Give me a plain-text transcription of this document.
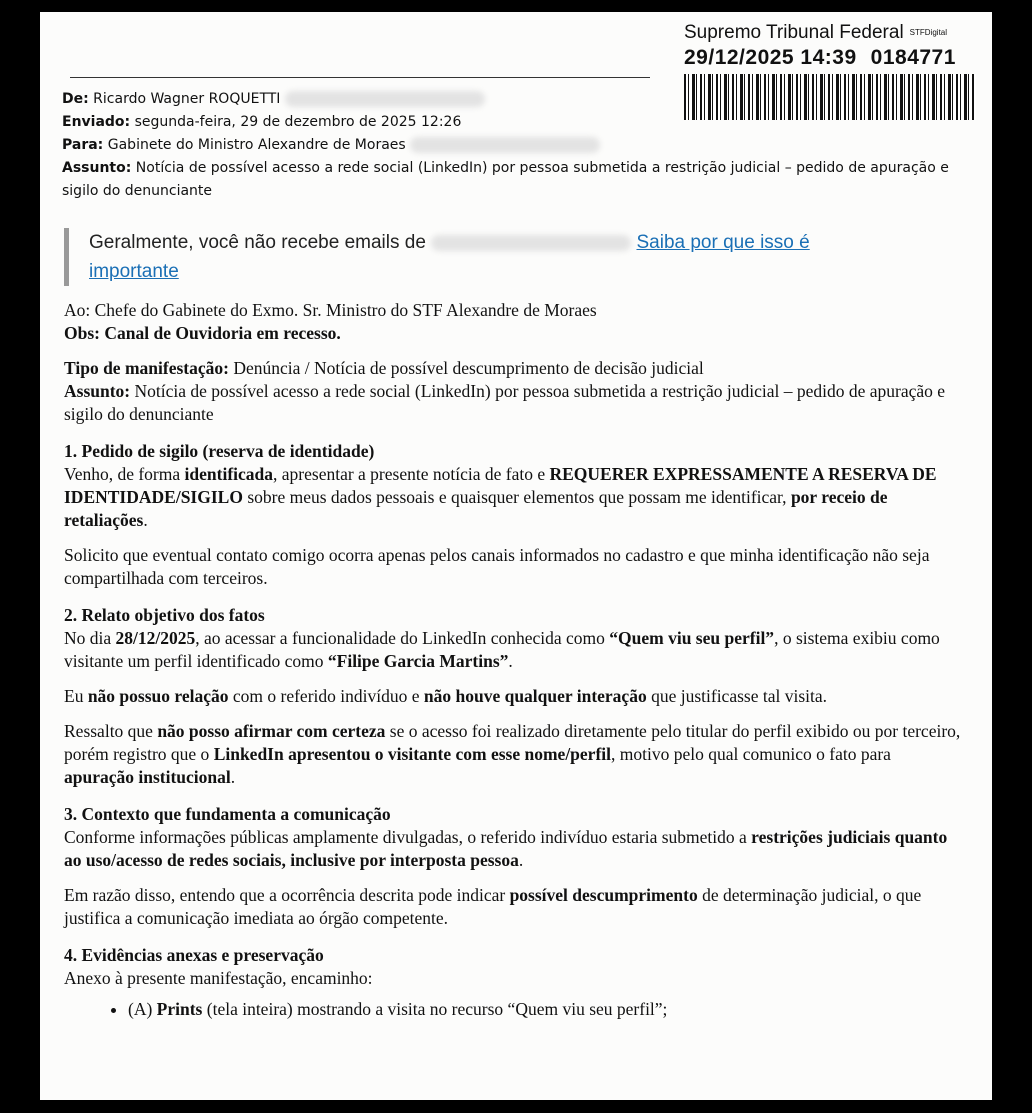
Supremo Tribunal Federal STFDigital
29/12/2025 14:39 0184771

De: Ricardo Wagner ROQUETTI

Enviado: segunda-feira, 29 de dezembro de 2025 12:26

Para: Gabinete do Ministro Alexandre de Moraes

Assunto: Notícia de possível acesso a rede social (LinkedIn) por pessoa submetida a restrição judicial – pedido de apuração e sigilo do denunciante

Geralmente, você não recebe emails de	Saiba por que isso é
importante

Ao: Chefe do Gabinete do Exmo. Sr. Ministro do STF Alexandre de Moraes

Obs: Canal de Ouvidoria em recesso.

Tipo de manifestação: Denúncia / Notícia de possível descumprimento de decisão judicial

Assunto: Notícia de possível acesso a rede social (LinkedIn) por pessoa submetida a restrição judicial – pedido de apuração e sigilo do denunciante

1. Pedido de sigilo (reserva de identidade)

Venho, de forma identificada, apresentar a presente notícia de fato e REQUERER EXPRESSAMENTE A RESERVA DE IDENTIDADE/SIGILO sobre meus dados pessoais e quaisquer elementos que possam me identificar, por receio de retaliações.

Solicito que eventual contato comigo ocorra apenas pelos canais informados no cadastro e que minha identificação não seja compartilhada com terceiros.

2. Relato objetivo dos fatos

No dia 28/12/2025, ao acessar a funcionalidade do LinkedIn conhecida como “Quem viu seu perfil”, o sistema exibiu como visitante um perfil identificado como “Filipe Garcia Martins”.

Eu não possuo relação com o referido indivíduo e não houve qualquer interação que justificasse tal visita.

Ressalto que não posso afirmar com certeza se o acesso foi realizado diretamente pelo titular do perfil exibido ou por terceiro, porém registro que o LinkedIn apresentou o visitante com esse nome/perfil, motivo pelo qual comunico o fato para apuração institucional.

3. Contexto que fundamenta a comunicação

Conforme informações públicas amplamente divulgadas, o referido indivíduo estaria submetido a restrições judiciais quanto ao uso/acesso de redes sociais, inclusive por interposta pessoa.

Em razão disso, entendo que a ocorrência descrita pode indicar possível descumprimento de determinação judicial, o que justifica a comunicação imediata ao órgão competente.

4. Evidências anexas e preservação

Anexo à presente manifestação, encaminho:

• (A) Prints (tela inteira) mostrando a visita no recurso “Quem viu seu perfil”;
